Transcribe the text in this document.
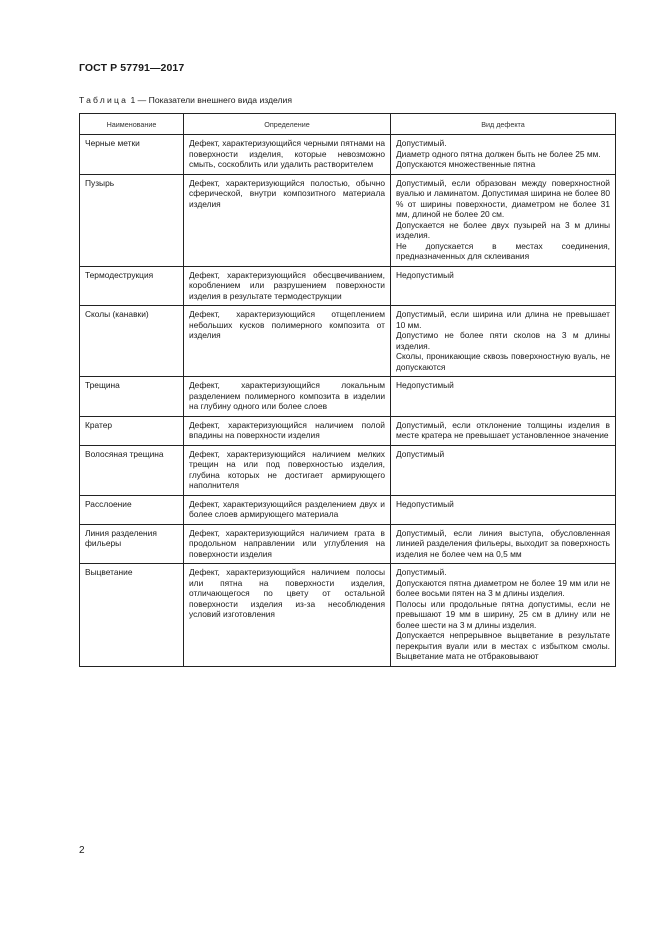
ГОСТ Р 57791—2017
Таблица 1 — Показатели внешнего вида изделия
Наименование	Определение	Вид дефекта
Черные метки	Дефект, характеризующийся черными пятнами на поверхности изделия, которые невозможно смыть, соскоблить или удалить растворителем	Допустимый.
Диаметр одного пятна должен быть не более 25 мм.
Допускаются множественные пятна

Пузырь	Дефект, характеризующийся полостью, обычно сферической, внутри композитного материала изделия	Допустимый, если образован между поверхностной вуалью и ламинатом. Допустимая ширина не более 80 % от ширины поверхности, диаметром не более 31 мм, длиной не более 20 см.
Допускается не более двух пузырей на 3 м длины изделия.
Не допускается в местах соединения, предназначенных для склеивания

Термодеструкция	Дефект, характеризующийся обесцвечиванием, короблением или разрушением поверхности изделия в результате термодеструкции	Недопустимый

Сколы (канавки)	Дефект, характеризующийся отщеплением небольших кусков полимерного композита от изделия	Допустимый, если ширина или длина не превышает 10 мм.
Допустимо не более пяти сколов на 3 м длины изделия.
Сколы, проникающие сквозь поверхностную вуаль, не допускаются

Трещина	Дефект, характеризующийся локальным разделением полимерного композита в изделии на глубину одного или более слоев	Недопустимый

Кратер	Дефект, характеризующийся наличием полой впадины на поверхности изделия	Допустимый, если отклонение толщины изделия в месте кратера не превышает установленное значение

Волосяная трещина	Дефект, характеризующийся наличием мелких трещин на или под поверхностью изделия, глубина которых не достигает армирующего наполнителя	Допустимый

Расслоение	Дефект, характеризующийся разделением двух и более слоев армирующего материала	Недопустимый

Линия разделения фильеры	Дефект, характеризующийся наличием грата в продольном направлении или углубления на поверхности изделия	Допустимый, если линия выступа, обусловленная линией разделения фильеры, выходит за поверхность изделия не более чем на 0,5 мм

Выцветание	Дефект, характеризующийся наличием полосы или пятна на поверхности изделия, отличающегося по цвету от остальной поверхности изделия из-за несоблюдения условий изготовления	Допустимый.
Допускаются пятна диаметром не более 19 мм или не более восьми пятен на 3 м длины изделия.
Полосы или продольные пятна допустимы, если не превышают 19 мм в ширину, 25 см в длину или не более шести на 3 м длины изделия.
Допускается непрерывное выцветание в результате перекрытия вуали или в местах с избытком смолы. Выцветание мата не отбраковывают
2
